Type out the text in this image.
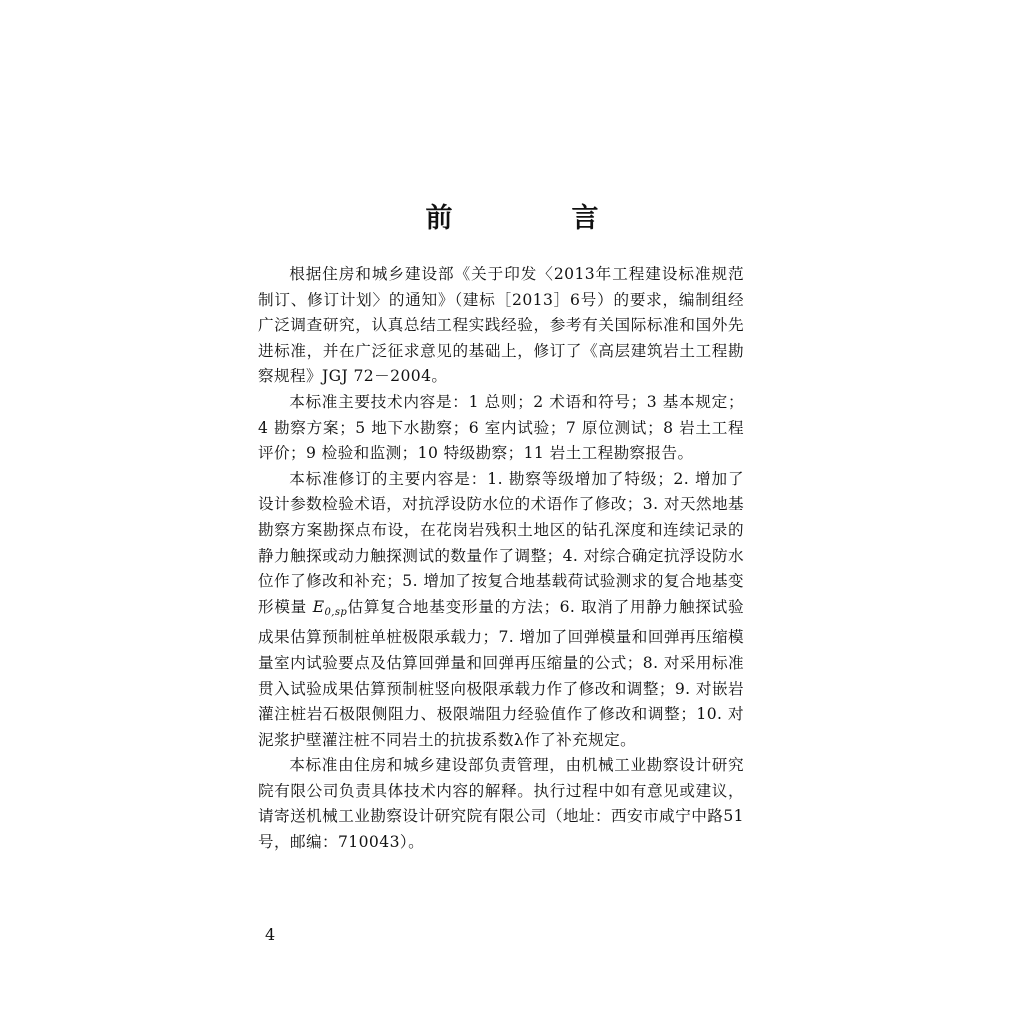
前　言

根据住房和城乡建设部《关于印发〈2013年工程建设标准规范制订、修订计划〉的通知》（建标［2013］6号）的要求，编制组经广泛调查研究，认真总结工程实践经验，参考有关国际标准和国外先进标准，并在广泛征求意见的基础上，修订了《高层建筑岩土工程勘察规程》JGJ 72－2004。

本标准主要技术内容是：1 总则；2 术语和符号；3 基本规定；4 勘察方案；5 地下水勘察；6 室内试验；7 原位测试；8 岩土工程评价；9 检验和监测；10 特级勘察；11 岩土工程勘察报告。

本标准修订的主要内容是：1. 勘察等级增加了特级；2. 增加了设计参数检验术语，对抗浮设防水位的术语作了修改；3. 对天然地基勘察方案勘探点布设，在花岗岩残积土地区的钻孔深度和连续记录的静力触探或动力触探测试的数量作了调整；4. 对综合确定抗浮设防水位作了修改和补充；5. 增加了按复合地基载荷试验测求的复合地基变形模量 $E_{0,sp}$估算复合地基变形量的方法；6. 取消了用静力触探试验成果估算预制桩单桩极限承载力；7. 增加了回弹模量和回弹再压缩模量室内试验要点及估算回弹量和回弹再压缩量的公式；8. 对采用标准贯入试验成果估算预制桩竖向极限承载力作了修改和调整；9. 对嵌岩灌注桩岩石极限侧阻力、极限端阻力经验值作了修改和调整；10. 对泥浆护壁灌注桩不同岩土的抗拔系数λ作了补充规定。

本标准由住房和城乡建设部负责管理，由机械工业勘察设计研究院有限公司负责具体技术内容的解释。执行过程中如有意见或建议，请寄送机械工业勘察设计研究院有限公司（地址：西安市咸宁中路51号，邮编：710043）。

4
